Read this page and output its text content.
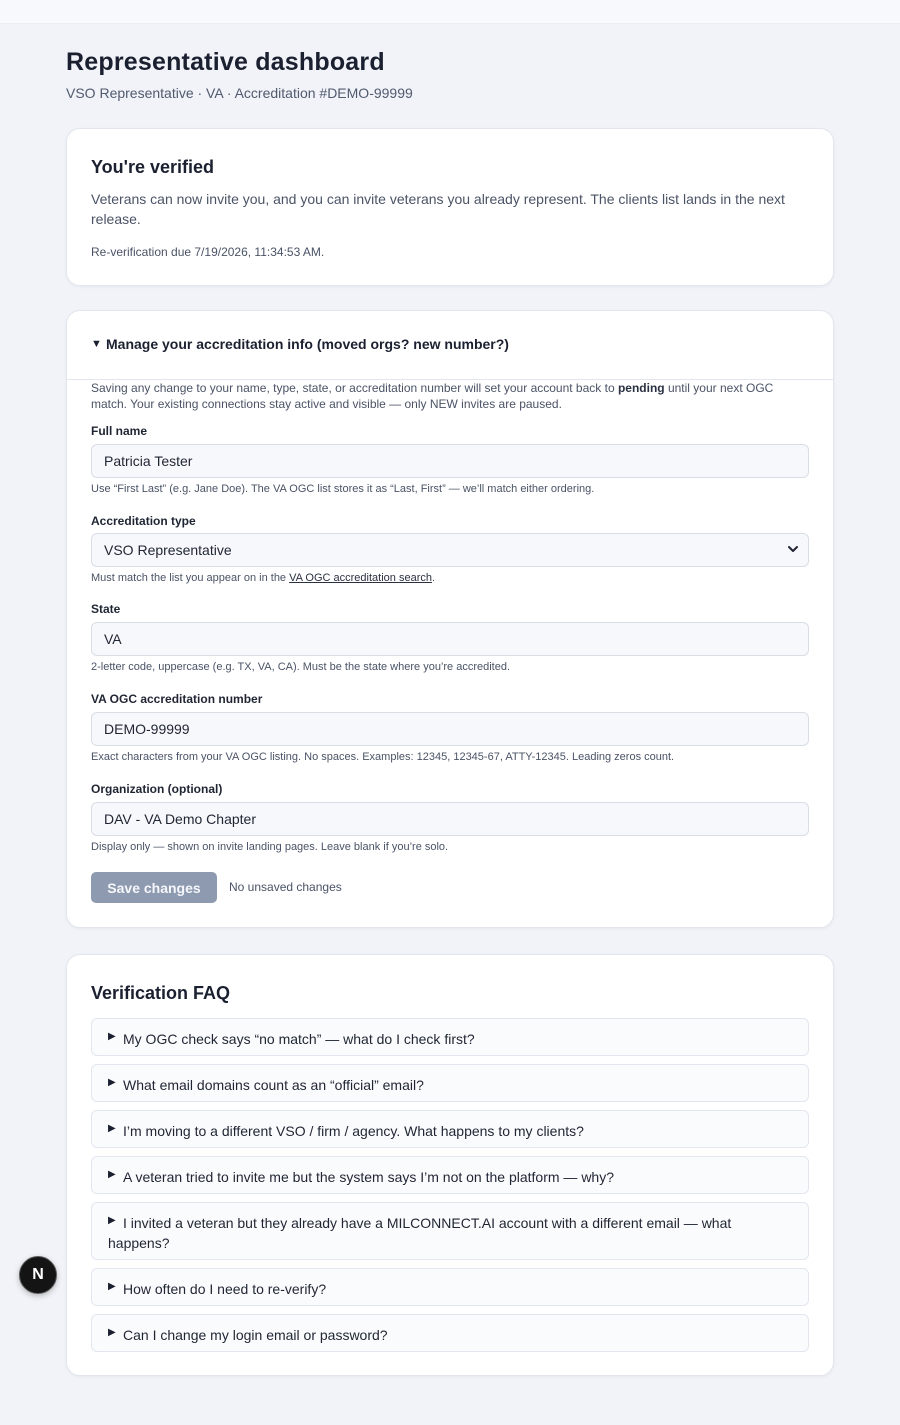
Representative dashboard
VSO Representative · VA · Accreditation #DEMO-99999
You're verified
Veterans can now invite you, and you can invite veterans you already represent. The clients list lands in the next release.
Re-verification due 7/19/2026, 11:34:53 AM.
▼ Manage your accreditation info (moved orgs? new number?)
Saving any change to your name, type, state, or accreditation number will set your account back to pending until your next OGC match. Your existing connections stay active and visible — only NEW invites are paused.
Full name
Patricia Tester
Use “First Last” (e.g. Jane Doe). The VA OGC list stores it as “Last, First” — we’ll match either ordering.
Accreditation type
VSO Representative
Must match the list you appear on in the VA OGC accreditation search.
State
VA
2-letter code, uppercase (e.g. TX, VA, CA). Must be the state where you’re accredited.
VA OGC accreditation number
DEMO-99999
Exact characters from your VA OGC listing. No spaces. Examples: 12345, 12345-67, ATTY-12345. Leading zeros count.
Organization (optional)
DAV - VA Demo Chapter
Display only — shown on invite landing pages. Leave blank if you’re solo.
Save changes	No unsaved changes
Verification FAQ
▶ My OGC check says “no match” — what do I check first?
▶ What email domains count as an “official” email?
▶ I’m moving to a different VSO / firm / agency. What happens to my clients?
▶ A veteran tried to invite me but the system says I’m not on the platform — why?
▶ I invited a veteran but they already have a MILCONNECT.AI account with a different email — what happens?
▶ How often do I need to re-verify?
▶ Can I change my login email or password?
N
